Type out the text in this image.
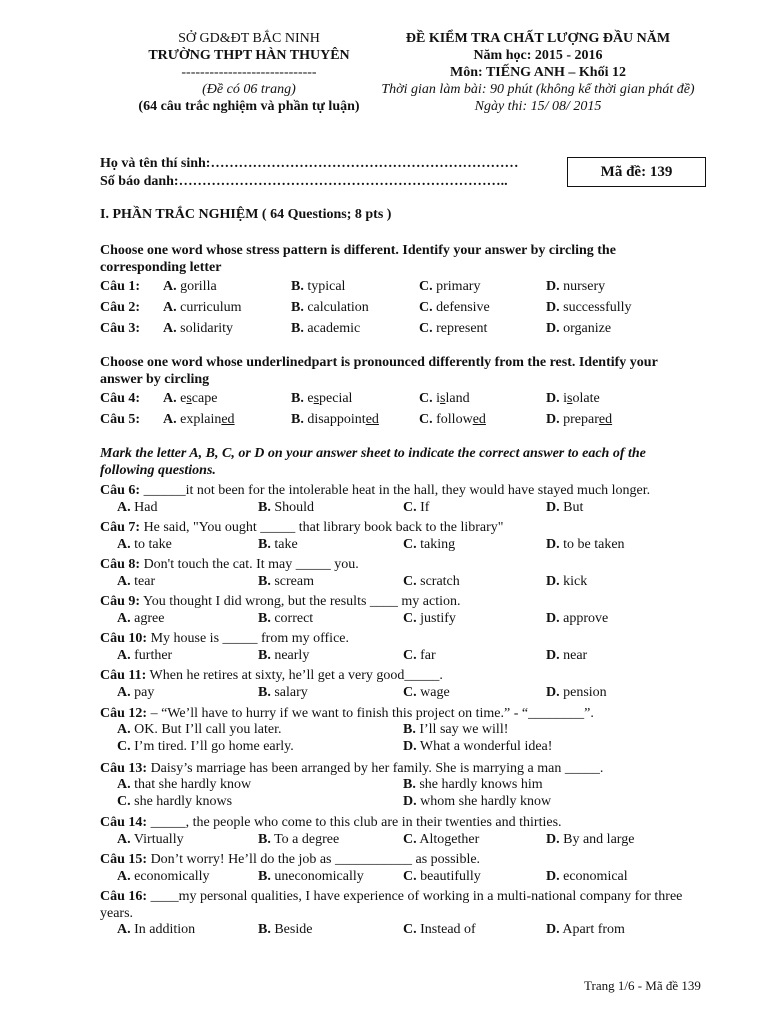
SỞ GD&ĐT BẮC NINH
TRƯỜNG THPT HÀN THUYÊN
-----------------------------
(Đề có 06 trang)
(64 câu trắc nghiệm và phần tự luận)
ĐỀ KIỂM TRA CHẤT LƯỢNG ĐẦU NĂM
Năm học: 2015 - 2016
Môn: TIẾNG ANH – Khối 12
Thời gian làm bài: 90 phút (không kể thời gian phát đề)
Ngày thi: 15/ 08/ 2015
Họ và tên thí sinh:…………………………………………………………
Số báo danh:……………………………………………………………..
Mã đề: 139
I. PHẦN TRẮC NGHIỆM ( 64 Questions; 8 pts )
Choose one word whose stress pattern is different. Identify your answer by circling the corresponding letter
Câu 1: A. gorilla	B. typical	C. primary	D. nursery
Câu 2: A. curriculum	B. calculation	C. defensive	D. successfully
Câu 3: A. solidarity	B. academic	C. represent	D. organize
Choose one word whose underlinedpart is pronounced differently from the rest. Identify your answer by circling
Câu 4: A. escape	B. especial	C. island	D. isolate
Câu 5: A. explained	B. disappointed	C. followed	D. prepared
Mark the letter A, B, C, or D on your answer sheet to indicate the correct answer to each of the following questions.
Câu 6: ______it not been for the intolerable heat in the hall, they would have stayed much longer.
A. Had	B. Should	C. If	D. But
Câu 7: He said, "You ought _____ that library book back to the library"
A. to take	B. take	C. taking	D. to be taken
Câu 8: Don't touch the cat. It may _____ you.
A. tear	B. scream	C. scratch	D. kick
Câu 9: You thought I did wrong, but the results ____ my action.
A. agree	B. correct	C. justify	D. approve
Câu 10: My house is _____ from my office.
A. further	B. nearly	C. far	D. near
Câu 11: When he retires at sixty, he’ll get a very good_____.
A. pay	B. salary	C. wage	D. pension
Câu 12: – “We’ll have to hurry if we want to finish this project on time.” - “________”.
A. OK. But I’ll call you later.	B. I’ll say we will!
C. I’m tired. I’ll go home early.	D. What a wonderful idea!
Câu 13: Daisy’s marriage has been arranged by her family. She is marrying a man _____.
A. that she hardly know	B. she hardly knows him
C. she hardly knows	D. whom she hardly know
Câu 14: _____, the people who come to this club are in their twenties and thirties.
A. Virtually	B. To a degree	C. Altogether	D. By and large
Câu 15: Don’t worry! He’ll do the job as ___________ as possible.
A. economically	B. uneconomically	C. beautifully	D. economical
Câu 16: ____my personal qualities, I have experience of working in a multi-national company for three years.
A. In addition	B. Beside	C. Instead of	D. Apart from
Trang 1/6 - Mã đề 139
